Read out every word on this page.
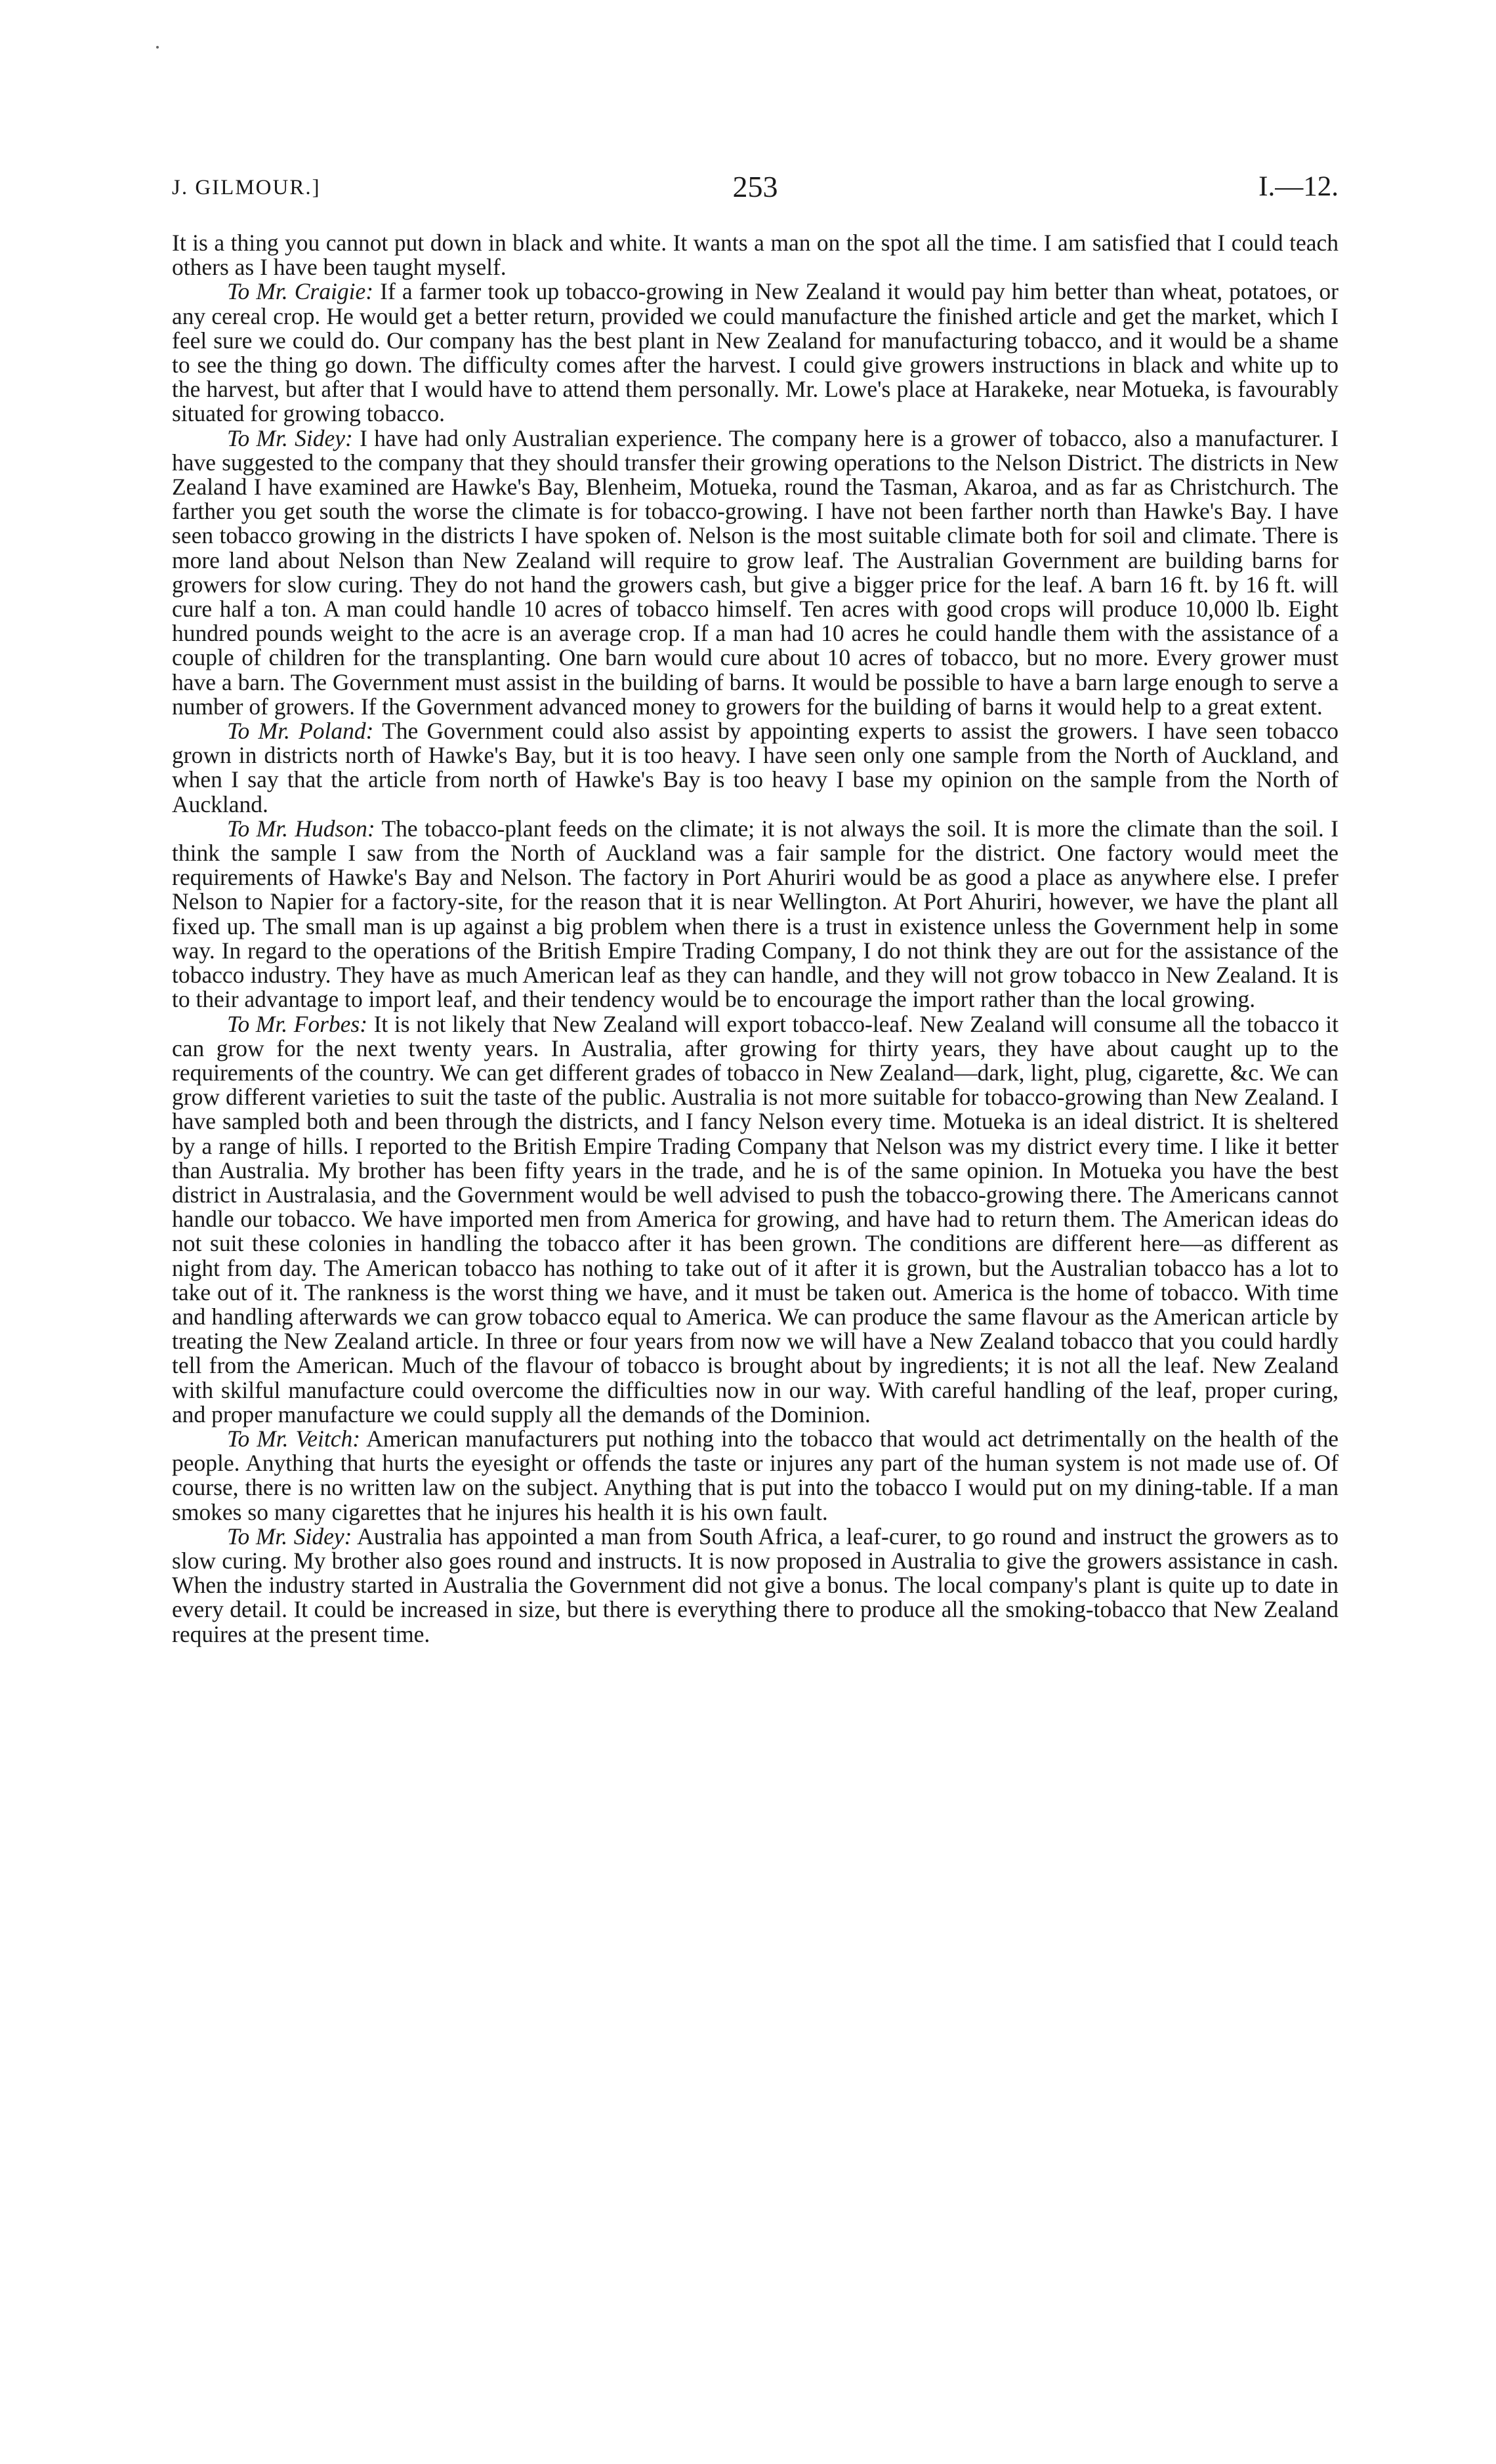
J. GILMOUR.]	253	I.—12.

It is a thing you cannot put down in black and white. It wants a man on the spot all the time. I am satisfied that I could teach others as I have been taught myself.

To Mr. Craigie: If a farmer took up tobacco-growing in New Zealand it would pay him better than wheat, potatoes, or any cereal crop. He would get a better return, provided we could manufacture the finished article and get the market, which I feel sure we could do. Our company has the best plant in New Zealand for manufacturing tobacco, and it would be a shame to see the thing go down. The difficulty comes after the harvest. I could give growers instructions in black and white up to the harvest, but after that I would have to attend them personally. Mr. Lowe's place at Harakeke, near Motueka, is favourably situated for growing tobacco.

To Mr. Sidey: I have had only Australian experience. The company here is a grower of tobacco, also a manufacturer. I have suggested to the company that they should transfer their growing operations to the Nelson District. The districts in New Zealand I have examined are Hawke's Bay, Blenheim, Motueka, round the Tasman, Akaroa, and as far as Christchurch. The farther you get south the worse the climate is for tobacco-growing. I have not been farther north than Hawke's Bay. I have seen tobacco growing in the districts I have spoken of. Nelson is the most suitable climate both for soil and climate. There is more land about Nelson than New Zealand will require to grow leaf. The Australian Government are building barns for growers for slow curing. They do not hand the growers cash, but give a bigger price for the leaf. A barn 16 ft. by 16 ft. will cure half a ton. A man could handle 10 acres of tobacco himself. Ten acres with good crops will produce 10,000 lb. Eight hundred pounds weight to the acre is an average crop. If a man had 10 acres he could handle them with the assistance of a couple of children for the transplanting. One barn would cure about 10 acres of tobacco, but no more. Every grower must have a barn. The Government must assist in the building of barns. It would be possible to have a barn large enough to serve a number of growers. If the Government advanced money to growers for the building of barns it would help to a great extent.

To Mr. Poland: The Government could also assist by appointing experts to assist the growers. I have seen tobacco grown in districts north of Hawke's Bay, but it is too heavy. I have seen only one sample from the North of Auckland, and when I say that the article from north of Hawke's Bay is too heavy I base my opinion on the sample from the North of Auckland.

To Mr. Hudson: The tobacco-plant feeds on the climate; it is not always the soil. It is more the climate than the soil. I think the sample I saw from the North of Auckland was a fair sample for the district. One factory would meet the requirements of Hawke's Bay and Nelson. The factory in Port Ahuriri would be as good a place as anywhere else. I prefer Nelson to Napier for a factory-site, for the reason that it is near Wellington. At Port Ahuriri, however, we have the plant all fixed up. The small man is up against a big problem when there is a trust in existence unless the Government help in some way. In regard to the operations of the British Empire Trading Company, I do not think they are out for the assistance of the tobacco industry. They have as much American leaf as they can handle, and they will not grow tobacco in New Zealand. It is to their advantage to import leaf, and their tendency would be to encourage the import rather than the local growing.

To Mr. Forbes: It is not likely that New Zealand will export tobacco-leaf. New Zealand will consume all the tobacco it can grow for the next twenty years. In Australia, after growing for thirty years, they have about caught up to the requirements of the country. We can get different grades of tobacco in New Zealand—dark, light, plug, cigarette, &c. We can grow different varieties to suit the taste of the public. Australia is not more suitable for tobacco-growing than New Zealand. I have sampled both and been through the districts, and I fancy Nelson every time. Motueka is an ideal district. It is sheltered by a range of hills. I reported to the British Empire Trading Company that Nelson was my district every time. I like it better than Australia. My brother has been fifty years in the trade, and he is of the same opinion. In Motueka you have the best district in Australasia, and the Government would be well advised to push the tobacco-growing there. The Americans cannot handle our tobacco. We have imported men from America for growing, and have had to return them. The American ideas do not suit these colonies in handling the tobacco after it has been grown. The conditions are different here—as different as night from day. The American tobacco has nothing to take out of it after it is grown, but the Australian tobacco has a lot to take out of it. The rankness is the worst thing we have, and it must be taken out. America is the home of tobacco. With time and handling afterwards we can grow tobacco equal to America. We can produce the same flavour as the American article by treating the New Zealand article. In three or four years from now we will have a New Zealand tobacco that you could hardly tell from the American. Much of the flavour of tobacco is brought about by ingredients; it is not all the leaf. New Zealand with skilful manufacture could overcome the difficulties now in our way. With careful handling of the leaf, proper curing, and proper manufacture we could supply all the demands of the Dominion.

To Mr. Veitch: American manufacturers put nothing into the tobacco that would act detrimentally on the health of the people. Anything that hurts the eyesight or offends the taste or injures any part of the human system is not made use of. Of course, there is no written law on the subject. Anything that is put into the tobacco I would put on my dining-table. If a man smokes so many cigarettes that he injures his health it is his own fault.

To Mr. Sidey: Australia has appointed a man from South Africa, a leaf-curer, to go round and instruct the growers as to slow curing. My brother also goes round and instructs. It is now proposed in Australia to give the growers assistance in cash. When the industry started in Australia the Government did not give a bonus. The local company's plant is quite up to date in every detail. It could be increased in size, but there is everything there to produce all the smoking-tobacco that New Zealand requires at the present time.
